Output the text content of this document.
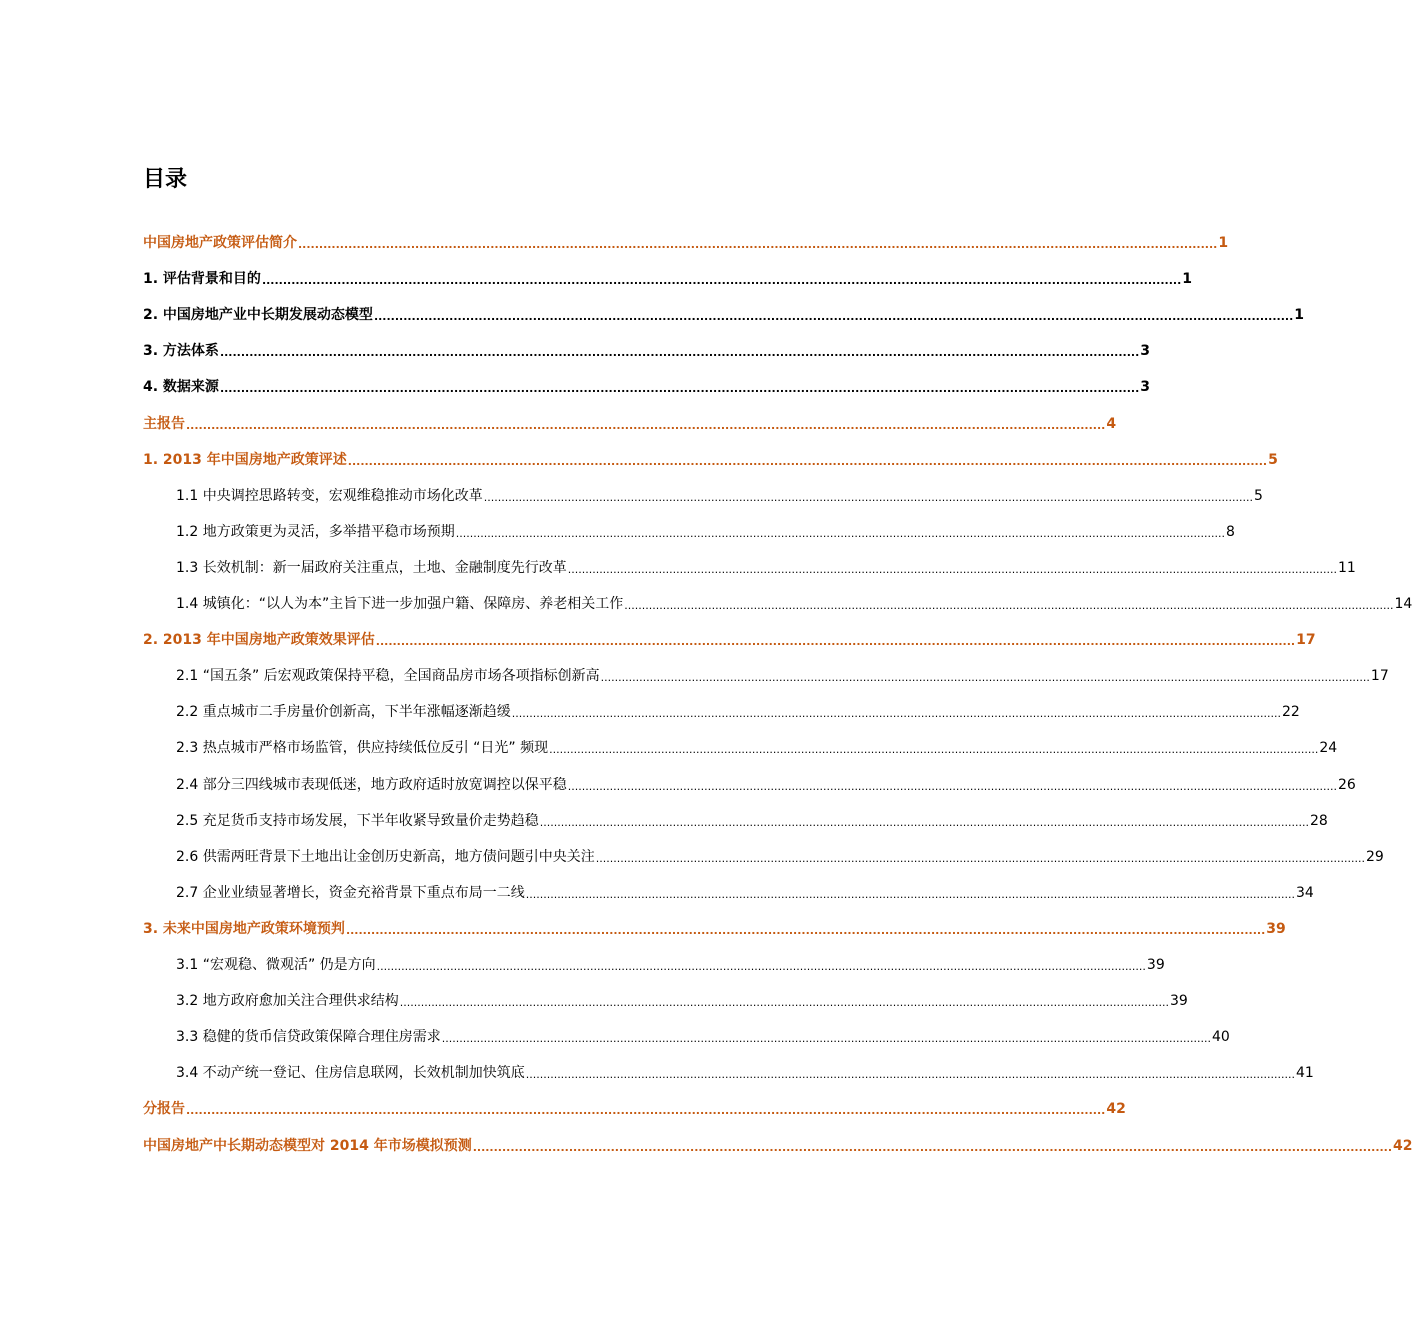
目录
中国房地产政策评估简介 ............................................................................................................................................................................................................................ 1
1. 评估背景和目的 ............................................................................................................................................................................................................................ 1
2. 中国房地产业中长期发展动态模型 ............................................................................................................................................................................................................................ 1
3. 方法体系 ............................................................................................................................................................................................................................ 3
4. 数据来源 ............................................................................................................................................................................................................................ 3
主报告 ............................................................................................................................................................................................................................ 4
1. 2013 年中国房地产政策评述 ............................................................................................................................................................................................................................ 5
1.1 中央调控思路转变，宏观维稳推动市场化改革 ............................................................................................................................................................................................................................ 5
1.2 地方政策更为灵活，多举措平稳市场预期 ............................................................................................................................................................................................................................ 8
1.3 长效机制：新一届政府关注重点，土地、金融制度先行改革 ............................................................................................................................................................................................................................ 11
1.4 城镇化：“以人为本”主旨下进一步加强户籍、保障房、养老相关工作 ............................................................................................................................................................................................................................ 14
2. 2013 年中国房地产政策效果评估 ............................................................................................................................................................................................................................ 17
2.1 “国五条” 后宏观政策保持平稳，全国商品房市场各项指标创新高 ............................................................................................................................................................................................................................ 17
2.2 重点城市二手房量价创新高，下半年涨幅逐渐趋缓 ............................................................................................................................................................................................................................ 22
2.3 热点城市严格市场监管，供应持续低位反引 “日光” 频现 ............................................................................................................................................................................................................................ 24
2.4 部分三四线城市表现低迷，地方政府适时放宽调控以保平稳 ............................................................................................................................................................................................................................ 26
2.5 充足货币支持市场发展，下半年收紧导致量价走势趋稳 ............................................................................................................................................................................................................................ 28
2.6 供需两旺背景下土地出让金创历史新高，地方债问题引中央关注 ............................................................................................................................................................................................................................ 29
2.7 企业业绩显著增长，资金充裕背景下重点布局一二线 ............................................................................................................................................................................................................................ 34
3. 未来中国房地产政策环境预判 ............................................................................................................................................................................................................................ 39
3.1 “宏观稳、微观活” 仍是方向 ............................................................................................................................................................................................................................ 39
3.2 地方政府愈加关注合理供求结构 ............................................................................................................................................................................................................................ 39
3.3 稳健的货币信贷政策保障合理住房需求 ............................................................................................................................................................................................................................ 40
3.4 不动产统一登记、住房信息联网，长效机制加快筑底 ............................................................................................................................................................................................................................ 41
分报告 ............................................................................................................................................................................................................................ 42
中国房地产中长期动态模型对 2014 年市场模拟预测 ............................................................................................................................................................................................................................ 42
